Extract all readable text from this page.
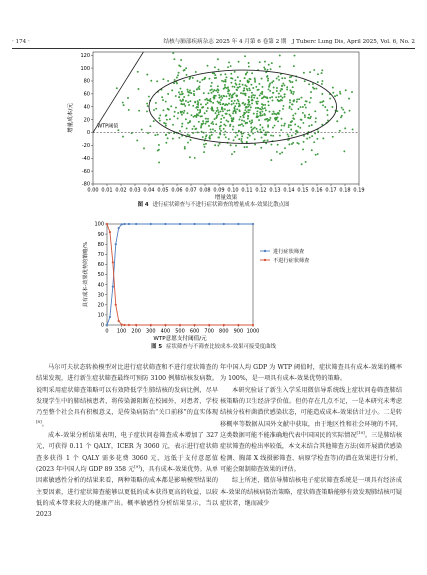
· 174 ·	结核与肺部疾病杂志 2025 年 4 月第 6 卷第 2 期　J Tuberc Lung Dis, April 2025, Vol. 6, No. 2
120
100
80
60
40
20
0
-20
-40
-60
-80
0.00 0.01 0.02 0.03 0.04 0.05 0.06 0.07 0.08 0.09 0.10 0.11 0.12 0.13 0.14 0.15 0.16 0.17 0.18 0.19
增量效果
增量成本/元	WTP阈值
图 4 进行症状筛查与不进行症状筛查的增量成本-效果比散点图
100
90
80
70
60
50
40
30
20
10
0
0 100 200 300 400 500 600 700 800 900 1000
WTP意愿支付阈值/元
具有成本-效果优势的策略/%	进行症状筛查
不进行症状筛查
图 5 症状筛查与不筛查比较成本-效果可接受度曲线

马尔可夫状态转换模型对比进行症状筛查和不进行症状筛查的结果发现，进行新生症状筛查最终可预防 3100 例肺结核发病数。说明采用症状筛查策略可以有效降低学生肺结核的发病比例，尽早发现学生中的肺结核患者，将传染源阻断在校园外，对患者、学校乃至整个社会具有积极意义，是传染病防治“关口前移”的直实体现[8]。

成本-效果分析结果表明，电子症状问卷筛查成本增加了 327 元，可获得 0.11 个 QALY，ICER 为 3060 元，表示进行症状筛查多获得 1 个 QALY 需多花费 3060 元，远低于支付意愿值(2023 年中国人均 GDP 89 358 元[9])，具有成本-效果优势。从单因素敏感性分析的结果来看，两种策略的成本都是影响模型结果的主要因素，进行症状筛查能够以更低的成本获得更高的收益，以较低的成本带来较大的健康产出。概率敏感性分析结果显示，当以 2023

年中国人均 GDP 为 WTP 阈值时，症状筛查具有成本-效果的概率为 100%，是一项具有成本-效果优势的策略。

本研究验证了新生入学采用微信导系统线上症状问卷筛查肺结核策略的卫生经济学价值。但仍存在几点不足，一是本研究未考虑结核分枝杆菌潜伏感染状态，可能造成成本-效果估计过小。二是转移概率等数据从国外文献中获取，由于地区性和社会环境的不同，这类数据可能不能准确地代表中国国民的实际情况[10]。三是肺结核症状筛查的检出率较低，本文未结合其他筛查方法(如开展潜伏感染检测、胸部 X 线摄影筛查、病原学检查等)的潜在效果进行分析，可能会限制筛查效果的评估。

综上所述，微信导肺结核电子症状筛查系统是一项具有经济成本-效果的结核病防治策略，症状筛查策略能够有效发现肺结核可疑症状者，继而减少
